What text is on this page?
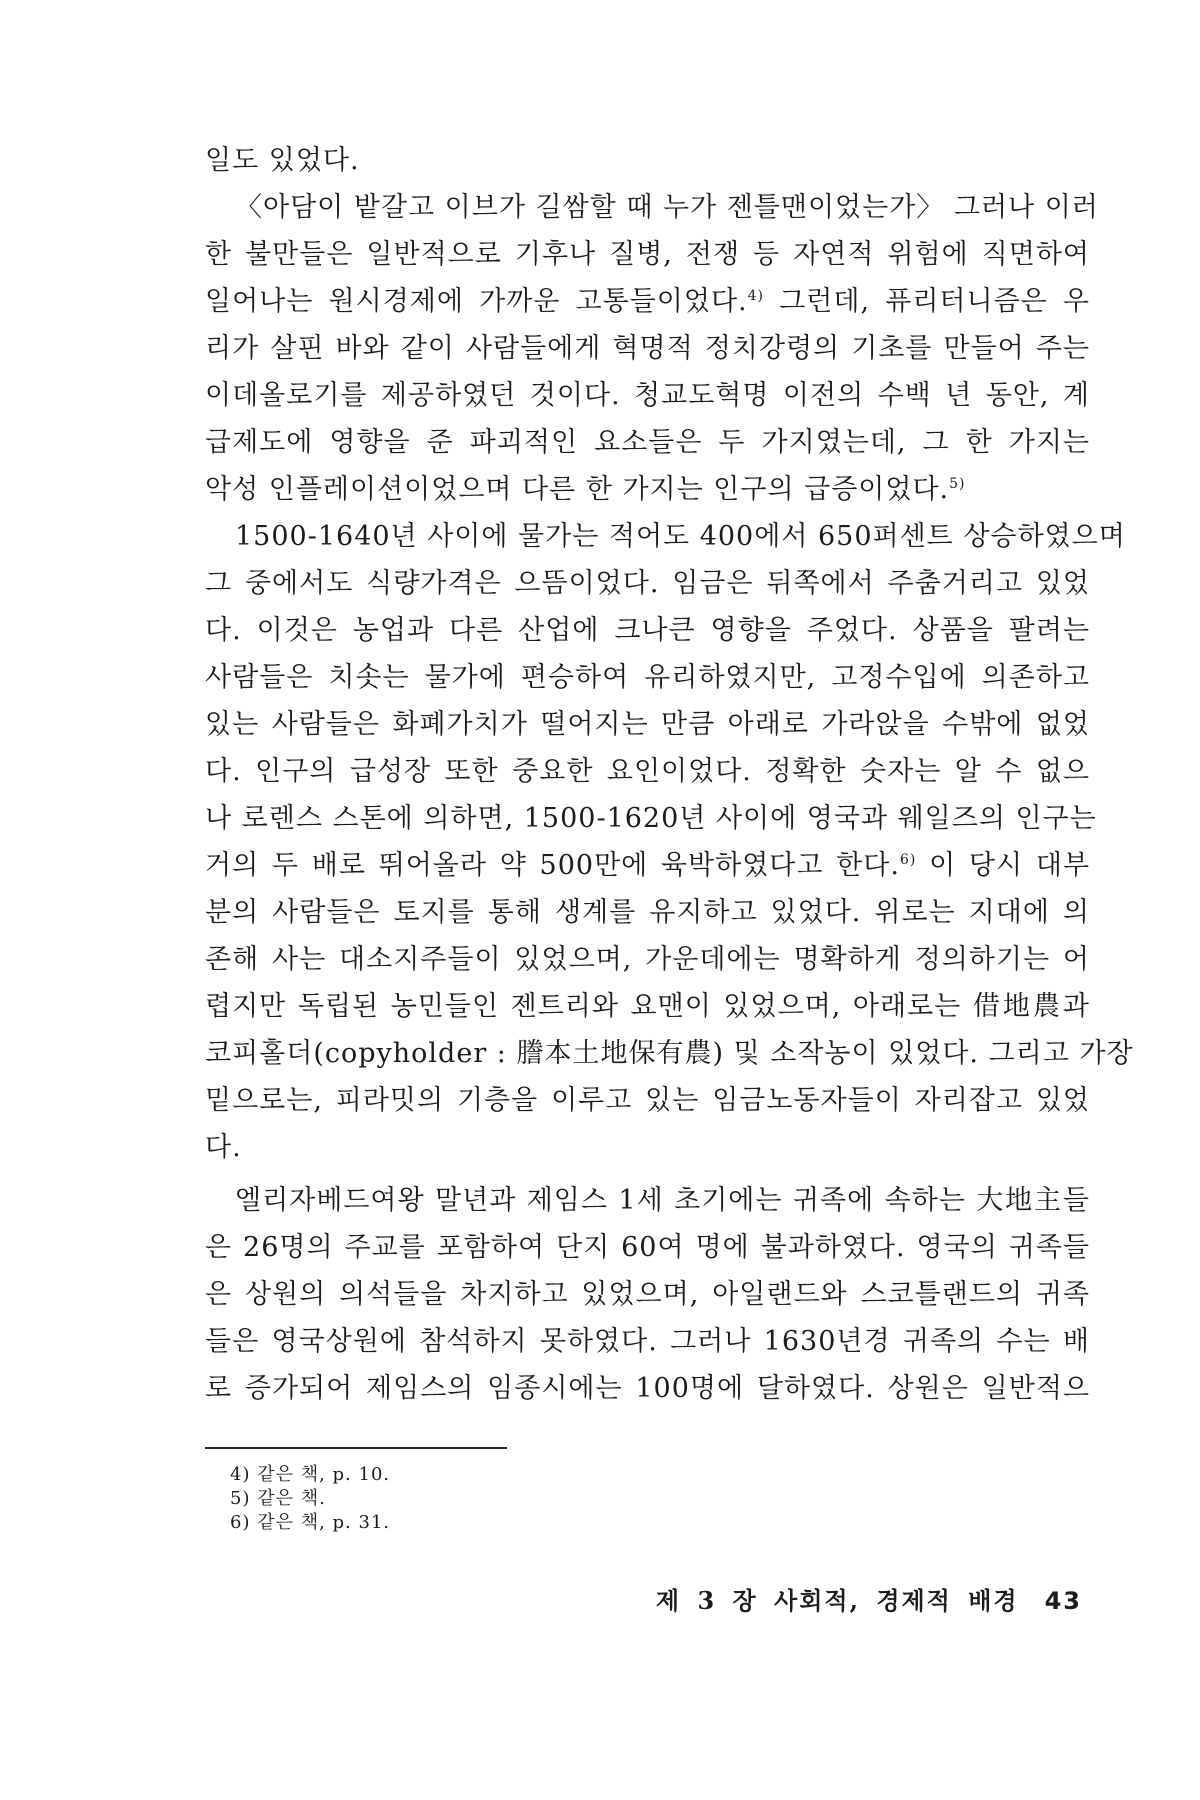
일도 있었다.
〈아담이 밭갈고 이브가 길쌈할 때 누가 젠틀맨이었는가〉 그러나 이러
한 불만들은 일반적으로 기후나 질병, 전쟁 등 자연적 위험에 직면하여
일어나는 원시경제에 가까운 고통들이었다.$^{4)}$ 그런데, 퓨리터니즘은 우
리가 살핀 바와 같이 사람들에게 혁명적 정치강령의 기초를 만들어 주는
이데올로기를 제공하였던 것이다. 청교도혁명 이전의 수백 년 동안, 계
급제도에 영향을 준 파괴적인 요소들은 두 가지였는데, 그 한 가지는
악성 인플레이션이었으며 다른 한 가지는 인구의 급증이었다.$^{5)}$
1500-1640년 사이에 물가는 적어도 400에서 650퍼센트 상승하였으며
그 중에서도 식량가격은 으뜸이었다. 임금은 뒤쪽에서 주춤거리고 있었
다. 이것은 농업과 다른 산업에 크나큰 영향을 주었다. 상품을 팔려는
사람들은 치솟는 물가에 편승하여 유리하였지만, 고정수입에 의존하고
있는 사람들은 화폐가치가 떨어지는 만큼 아래로 가라앉을 수밖에 없었
다. 인구의 급성장 또한 중요한 요인이었다. 정확한 숫자는 알 수 없으
나 로렌스 스톤에 의하면, 1500-1620년 사이에 영국과 웨일즈의 인구는
거의 두 배로 뛰어올라 약 500만에 육박하였다고 한다.$^{6)}$ 이 당시 대부
분의 사람들은 토지를 통해 생계를 유지하고 있었다. 위로는 지대에 의
존해 사는 대소지주들이 있었으며, 가운데에는 명확하게 정의하기는 어
렵지만 독립된 농민들인 젠트리와 요맨이 있었으며, 아래로는 借地農과
코피홀더(copyholder : 謄本土地保有農) 및 소작농이 있었다. 그리고 가장
밑으로는, 피라밋의 기층을 이루고 있는 임금노동자들이 자리잡고 있었
다.
엘리자베드여왕 말년과 제임스 1세 초기에는 귀족에 속하는 大地主들
은 26명의 주교를 포함하여 단지 60여 명에 불과하였다. 영국의 귀족들
은 상원의 의석들을 차지하고 있었으며, 아일랜드와 스코틀랜드의 귀족
들은 영국상원에 참석하지 못하였다. 그러나 1630년경 귀족의 수는 배
로 증가되어 제임스의 임종시에는 100명에 달하였다. 상원은 일반적으
4) 같은 책, p. 10.
5) 같은 책.
6) 같은 책, p. 31.
제 3 장 사회적, 경제적 배경 43
